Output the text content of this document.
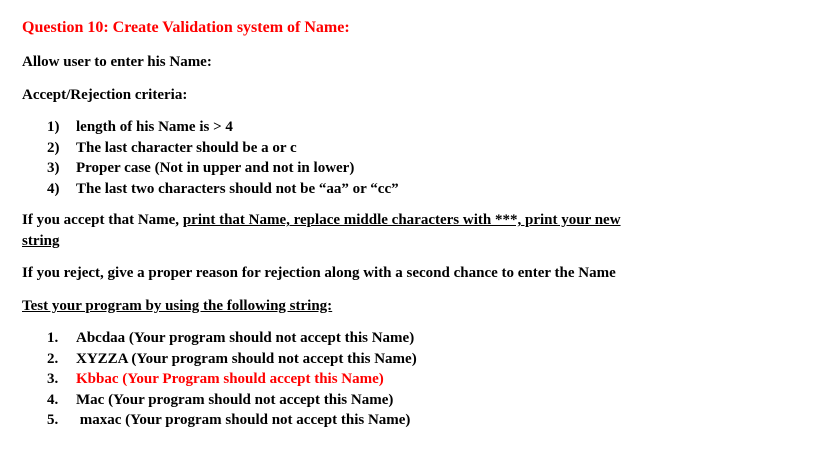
Question 10: Create Validation system of Name:

Allow user to enter his Name:

Accept/Rejection criteria:

1) length of his Name is > 4

2) The last character should be a or c

3) Proper case (Not in upper and not in lower)

4) The last two characters should not be “aa” or “cc”

If you accept that Name, print that Name, replace middle characters with ***, print your new

string

If you reject, give a proper reason for rejection along with a second chance to enter the Name

Test your program by using the following string:

1. Abcdaa (Your program should not accept this Name)

2. XYZZA (Your program should not accept this Name)

3. Kbbac (Your Program should accept this Name)

4. Mac (Your program should not accept this Name)

5. maxac (Your program should not accept this Name)
